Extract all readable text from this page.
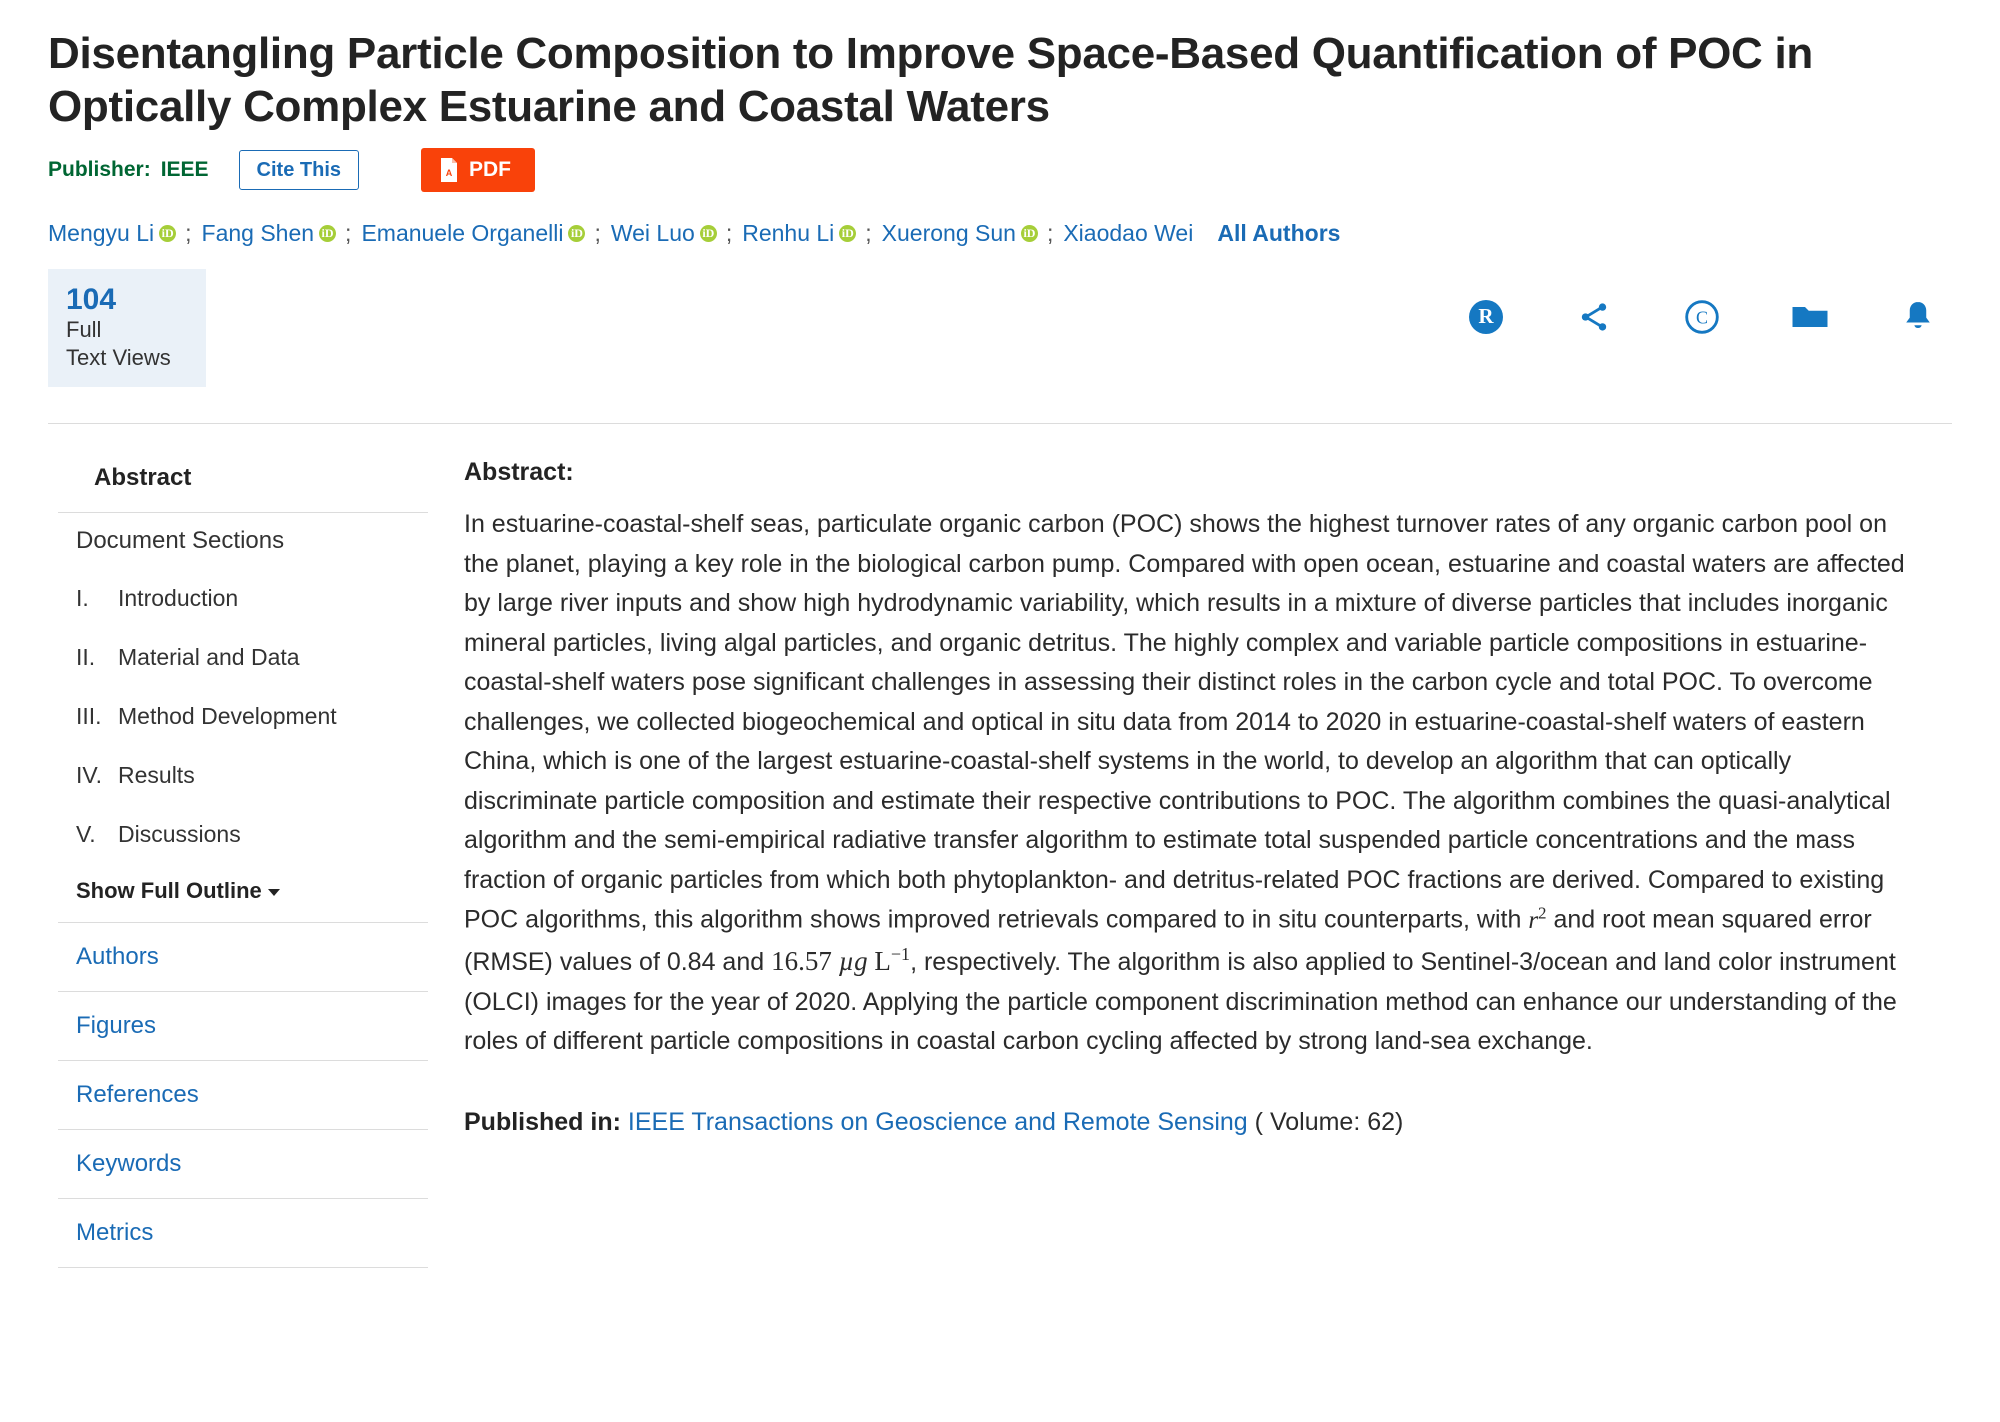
Disentangling Particle Composition to Improve Space-Based Quantification of POC in Optically Complex Estuarine and Coastal Waters
Publisher: IEEE	Cite This	A PDF
Mengyu Li iD ; Fang Shen iD ; Emanuele Organelli iD ; Wei Luo iD ; Renhu Li iD ; Xuerong Sun iD ; Xiaodao Wei All Authors
104
Full
Text Views
R	C
Abstract
Document Sections
I. Introduction
II. Material and Data
III. Method Development
IV. Results
V. Discussions
Show Full Outline
Authors
Figures
References
Keywords
Metrics
Abstract:
In estuarine-coastal-shelf seas, particulate organic carbon (POC) shows the highest turnover rates of any organic carbon pool on the planet, playing a key role in the biological carbon pump. Compared with open ocean, estuarine and coastal waters are affected by large river inputs and show high hydrodynamic variability, which results in a mixture of diverse particles that includes inorganic mineral particles, living algal particles, and organic detritus. The highly complex and variable particle compositions in estuarine-coastal-shelf waters pose significant challenges in assessing their distinct roles in the carbon cycle and total POC. To overcome challenges, we collected biogeochemical and optical in situ data from 2014 to 2020 in estuarine-coastal-shelf waters of eastern China, which is one of the largest estuarine-coastal-shelf systems in the world, to develop an algorithm that can optically discriminate particle composition and estimate their respective contributions to POC. The algorithm combines the quasi-analytical algorithm and the semi-empirical radiative transfer algorithm to estimate total suspended particle concentrations and the mass fraction of organic particles from which both phytoplankton- and detritus-related POC fractions are derived. Compared to existing POC algorithms, this algorithm shows improved retrievals compared to in situ counterparts, with $r^2$ and root mean squared error (RMSE) values of 0.84 and 16.57 µg $L^{-1}$, respectively. The algorithm is also applied to Sentinel-3/ocean and land color instrument (OLCI) images for the year of 2020. Applying the particle component discrimination method can enhance our understanding of the roles of different particle compositions in coastal carbon cycling affected by strong land-sea exchange.
Published in: IEEE Transactions on Geoscience and Remote Sensing ( Volume: 62)
